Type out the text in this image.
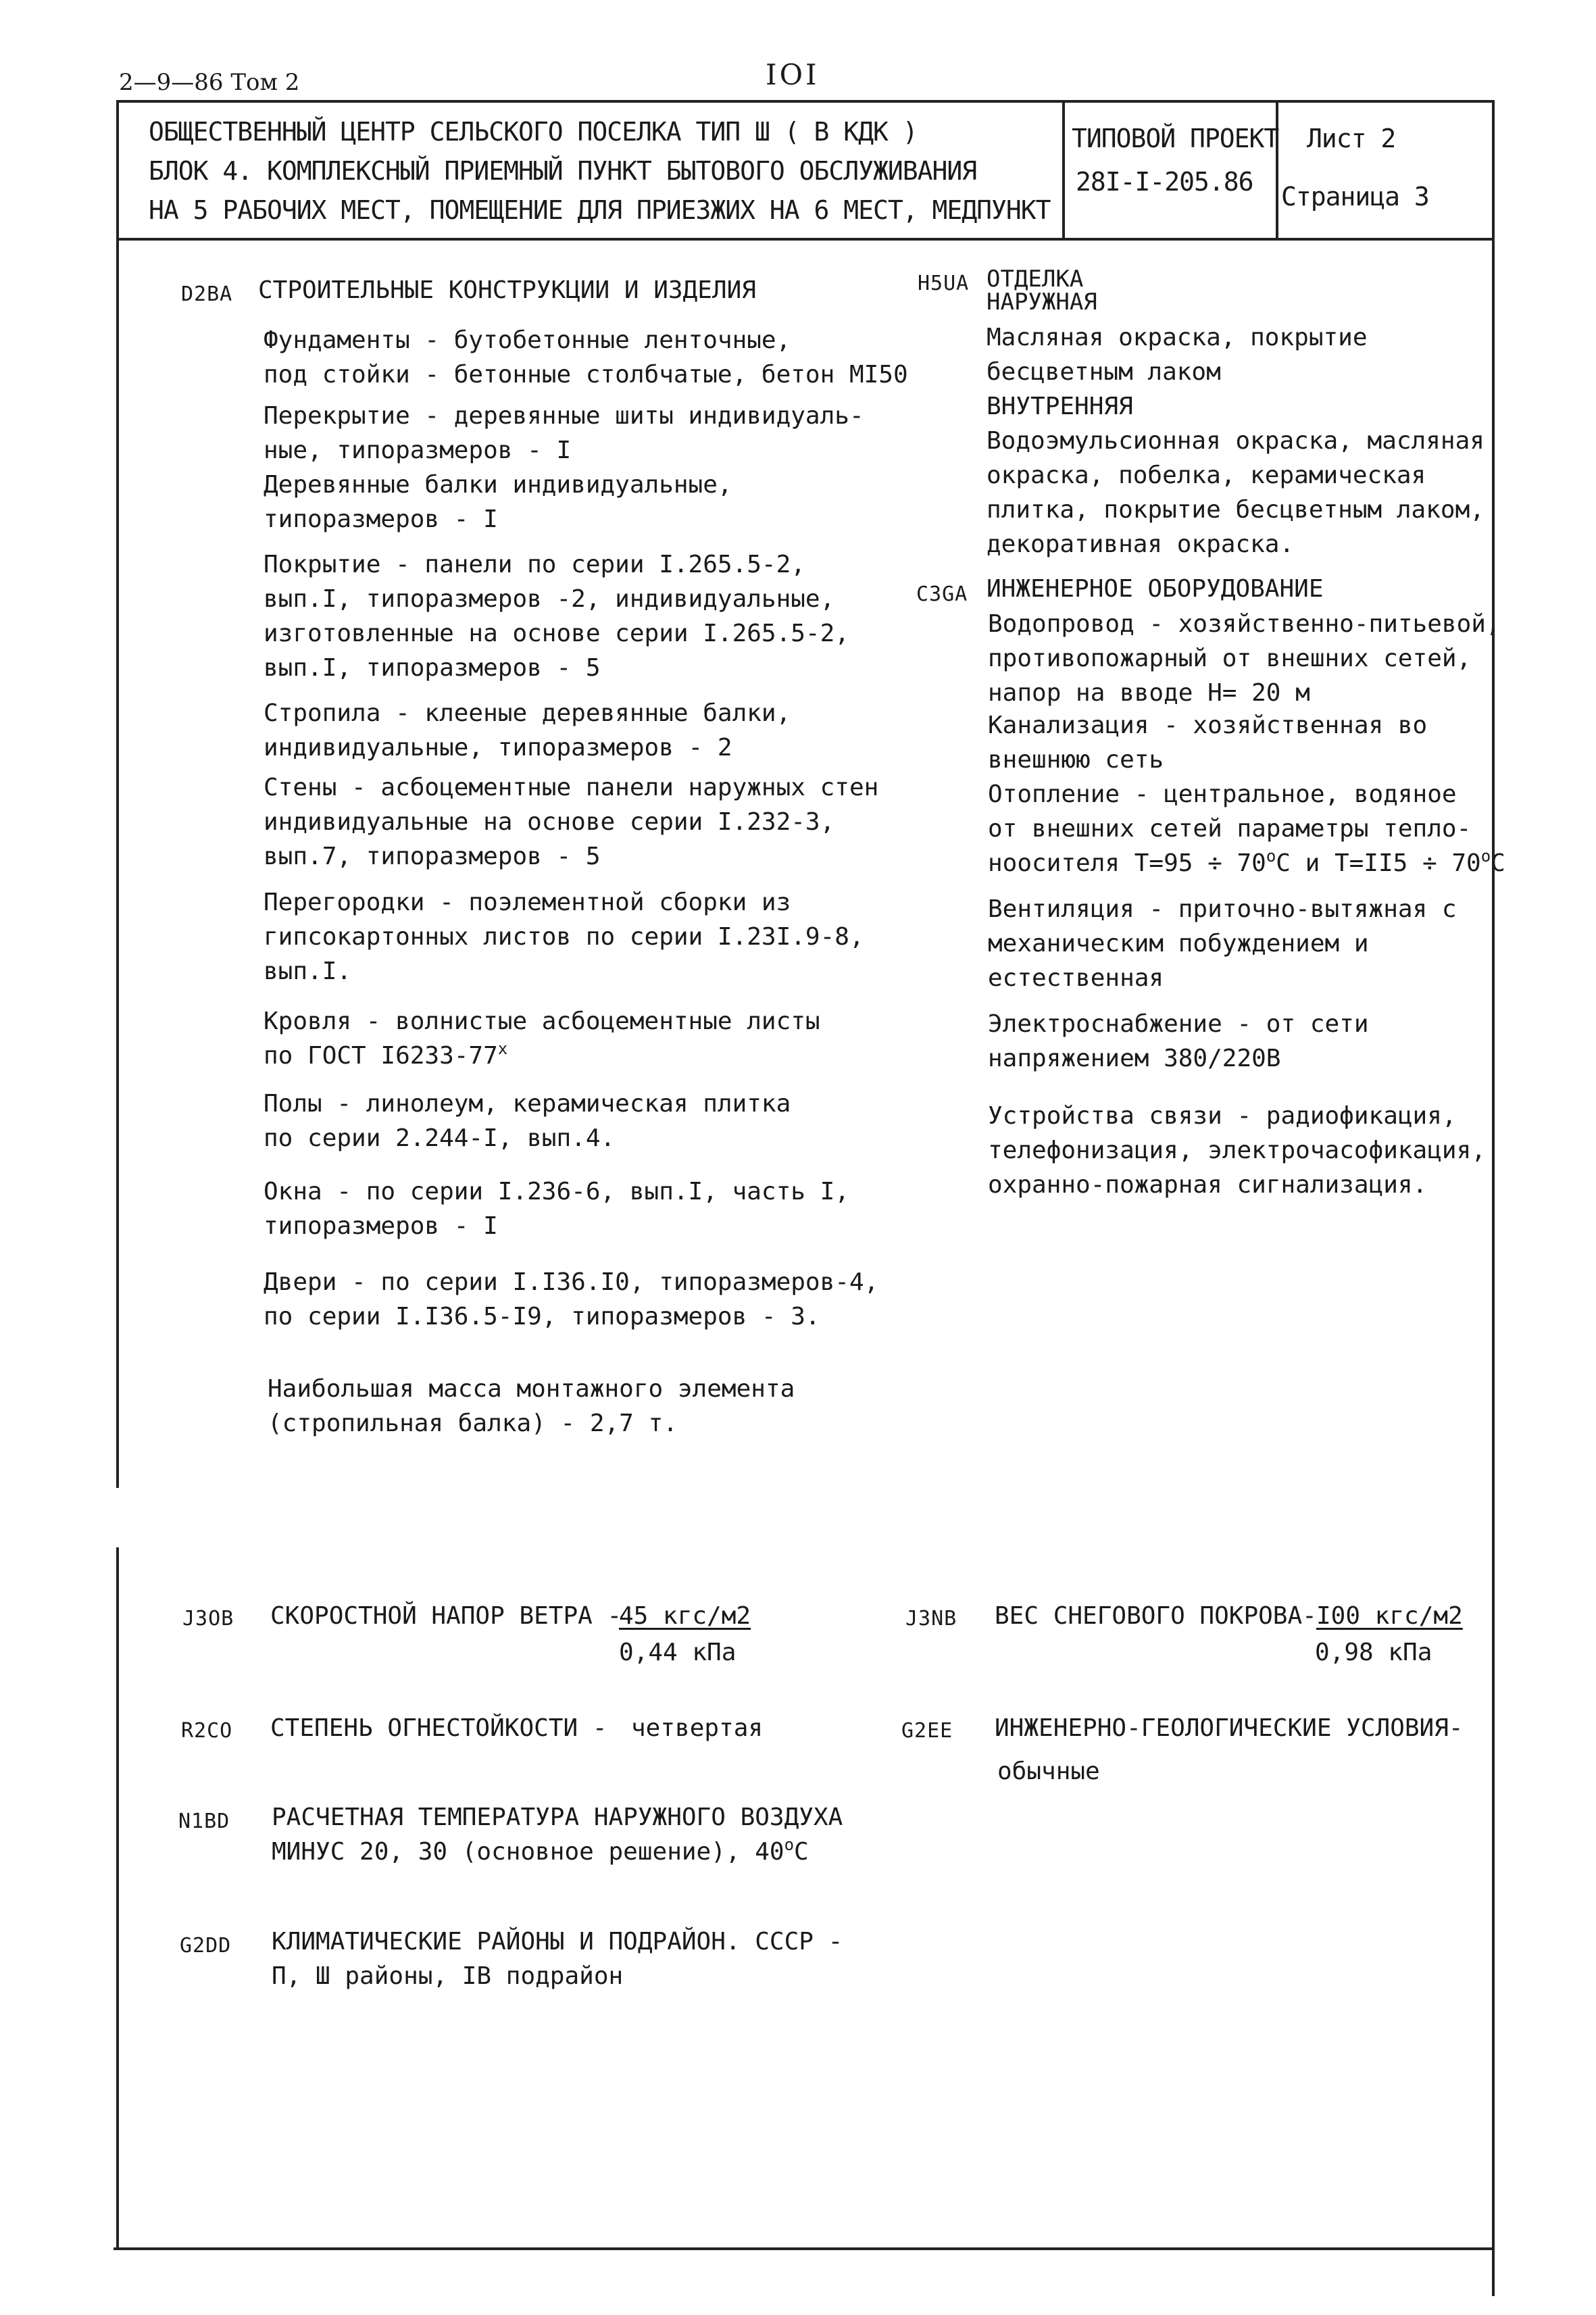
2—9—86 Том 2	IOI
ОБЩЕСТВЕННЫЙ ЦЕНТР СЕЛЬСКОГО ПОСЕЛКА ТИП Ш ( В КДК )
БЛОК 4. КОМПЛЕКСНЫЙ ПРИЕМНЫЙ ПУНКТ БЫТОВОГО ОБСЛУЖИВАНИЯ
НА 5 РАБОЧИХ МЕСТ, ПОМЕЩЕНИЕ ДЛЯ ПРИЕЗЖИХ НА 6 МЕСТ, МЕДПУНКТ
ТИПОВОЙ ПРОЕКТ
28I-I-205.86
Лист 2
Страница 3
D2BA СТРОИТЕЛЬНЫЕ КОНСТРУКЦИИ И ИЗДЕЛИЯ
Фундаменты - бутобетонные ленточные,
под стойки - бетонные столбчатые, бетон МI50
Перекрытие - деревянные шиты индивидуаль-
ные, типоразмеров - I
Деревянные балки индивидуальные,
типоразмеров - I
Покрытие - панели по серии I.265.5-2,
вып.I, типоразмеров -2, индивидуальные,
изготовленные на основе серии I.265.5-2,
вып.I, типоразмеров - 5
Стропила - клееные деревянные балки,
индивидуальные, типоразмеров - 2
Стены - асбоцементные панели наружных стен
индивидуальные на основе серии I.232-3,
вып.7, типоразмеров - 5
Перегородки - поэлементной сборки из
гипсокартонных листов по серии I.23I.9-8,
вып.I.
Кровля - волнистые асбоцементные листы
по ГОСТ $I6233-77^х$
Полы - линолеум, керамическая плитка
по серии 2.244-I, вып.4.
Окна - по серии I.236-6, вып.I, часть I,
типоразмеров - I
Двери - по серии I.I36.I0, типоразмеров-4,
по серии I.I36.5-I9, типоразмеров - 3.
Наибольшая масса монтажного элемента
(стропильная балка) - 2,7 т.
H5UA ОТДЕЛКА
НАРУЖНАЯ
Масляная окраска, покрытие
бесцветным лаком
ВНУТРЕННЯЯ
Водоэмульсионная окраска, масляная
окраска, побелка, керамическая
плитка, покрытие бесцветным лаком,
декоративная окраска.
C3GA ИНЖЕНЕРНОЕ ОБОРУДОВАНИЕ
Водопровод - хозяйственно-питьевой,
противопожарный от внешних сетей,
напор на вводе Н= 20 м
Канализация - хозяйственная во
внешнюю сеть
Отопление - центральное, водяное
от внешних сетей параметры тепло-
ноосителя $Т=95 \div 70^оС$ и $Т=II5 \div 70^оС$
Вентиляция - приточно-вытяжная с
механическим побуждением и
естественная
Электроснабжение - от сети
напряжением 380/220В
Устройства связи - радиофикация,
телефонизация, электрочасофикация,
охранно-пожарная сигнализация.
J3OB СКОРОСТНОЙ НАПОР ВЕТРА -
45 кгс/м2
0,44 кПа
J3NB ВЕС СНЕГОВОГО ПОКРОВА- I00 кгс/м2
0,98 кПа
R2CO СТЕПЕНЬ ОГНЕСТОЙКОСТИ - четвертая	G2EE ИНЖЕНЕРНО-ГЕОЛОГИЧЕСКИЕ УСЛОВИЯ-
обычные
N1BD РАСЧЕТНАЯ ТЕМПЕРАТУРА НАРУЖНОГО ВОЗДУХА
МИНУС 20, 30 (основное решение), $40^оС$
G2DD КЛИМАТИЧЕСКИЕ РАЙОНЫ И ПОДРАЙОН. СССР -
П, Ш районы, IB подрайон
